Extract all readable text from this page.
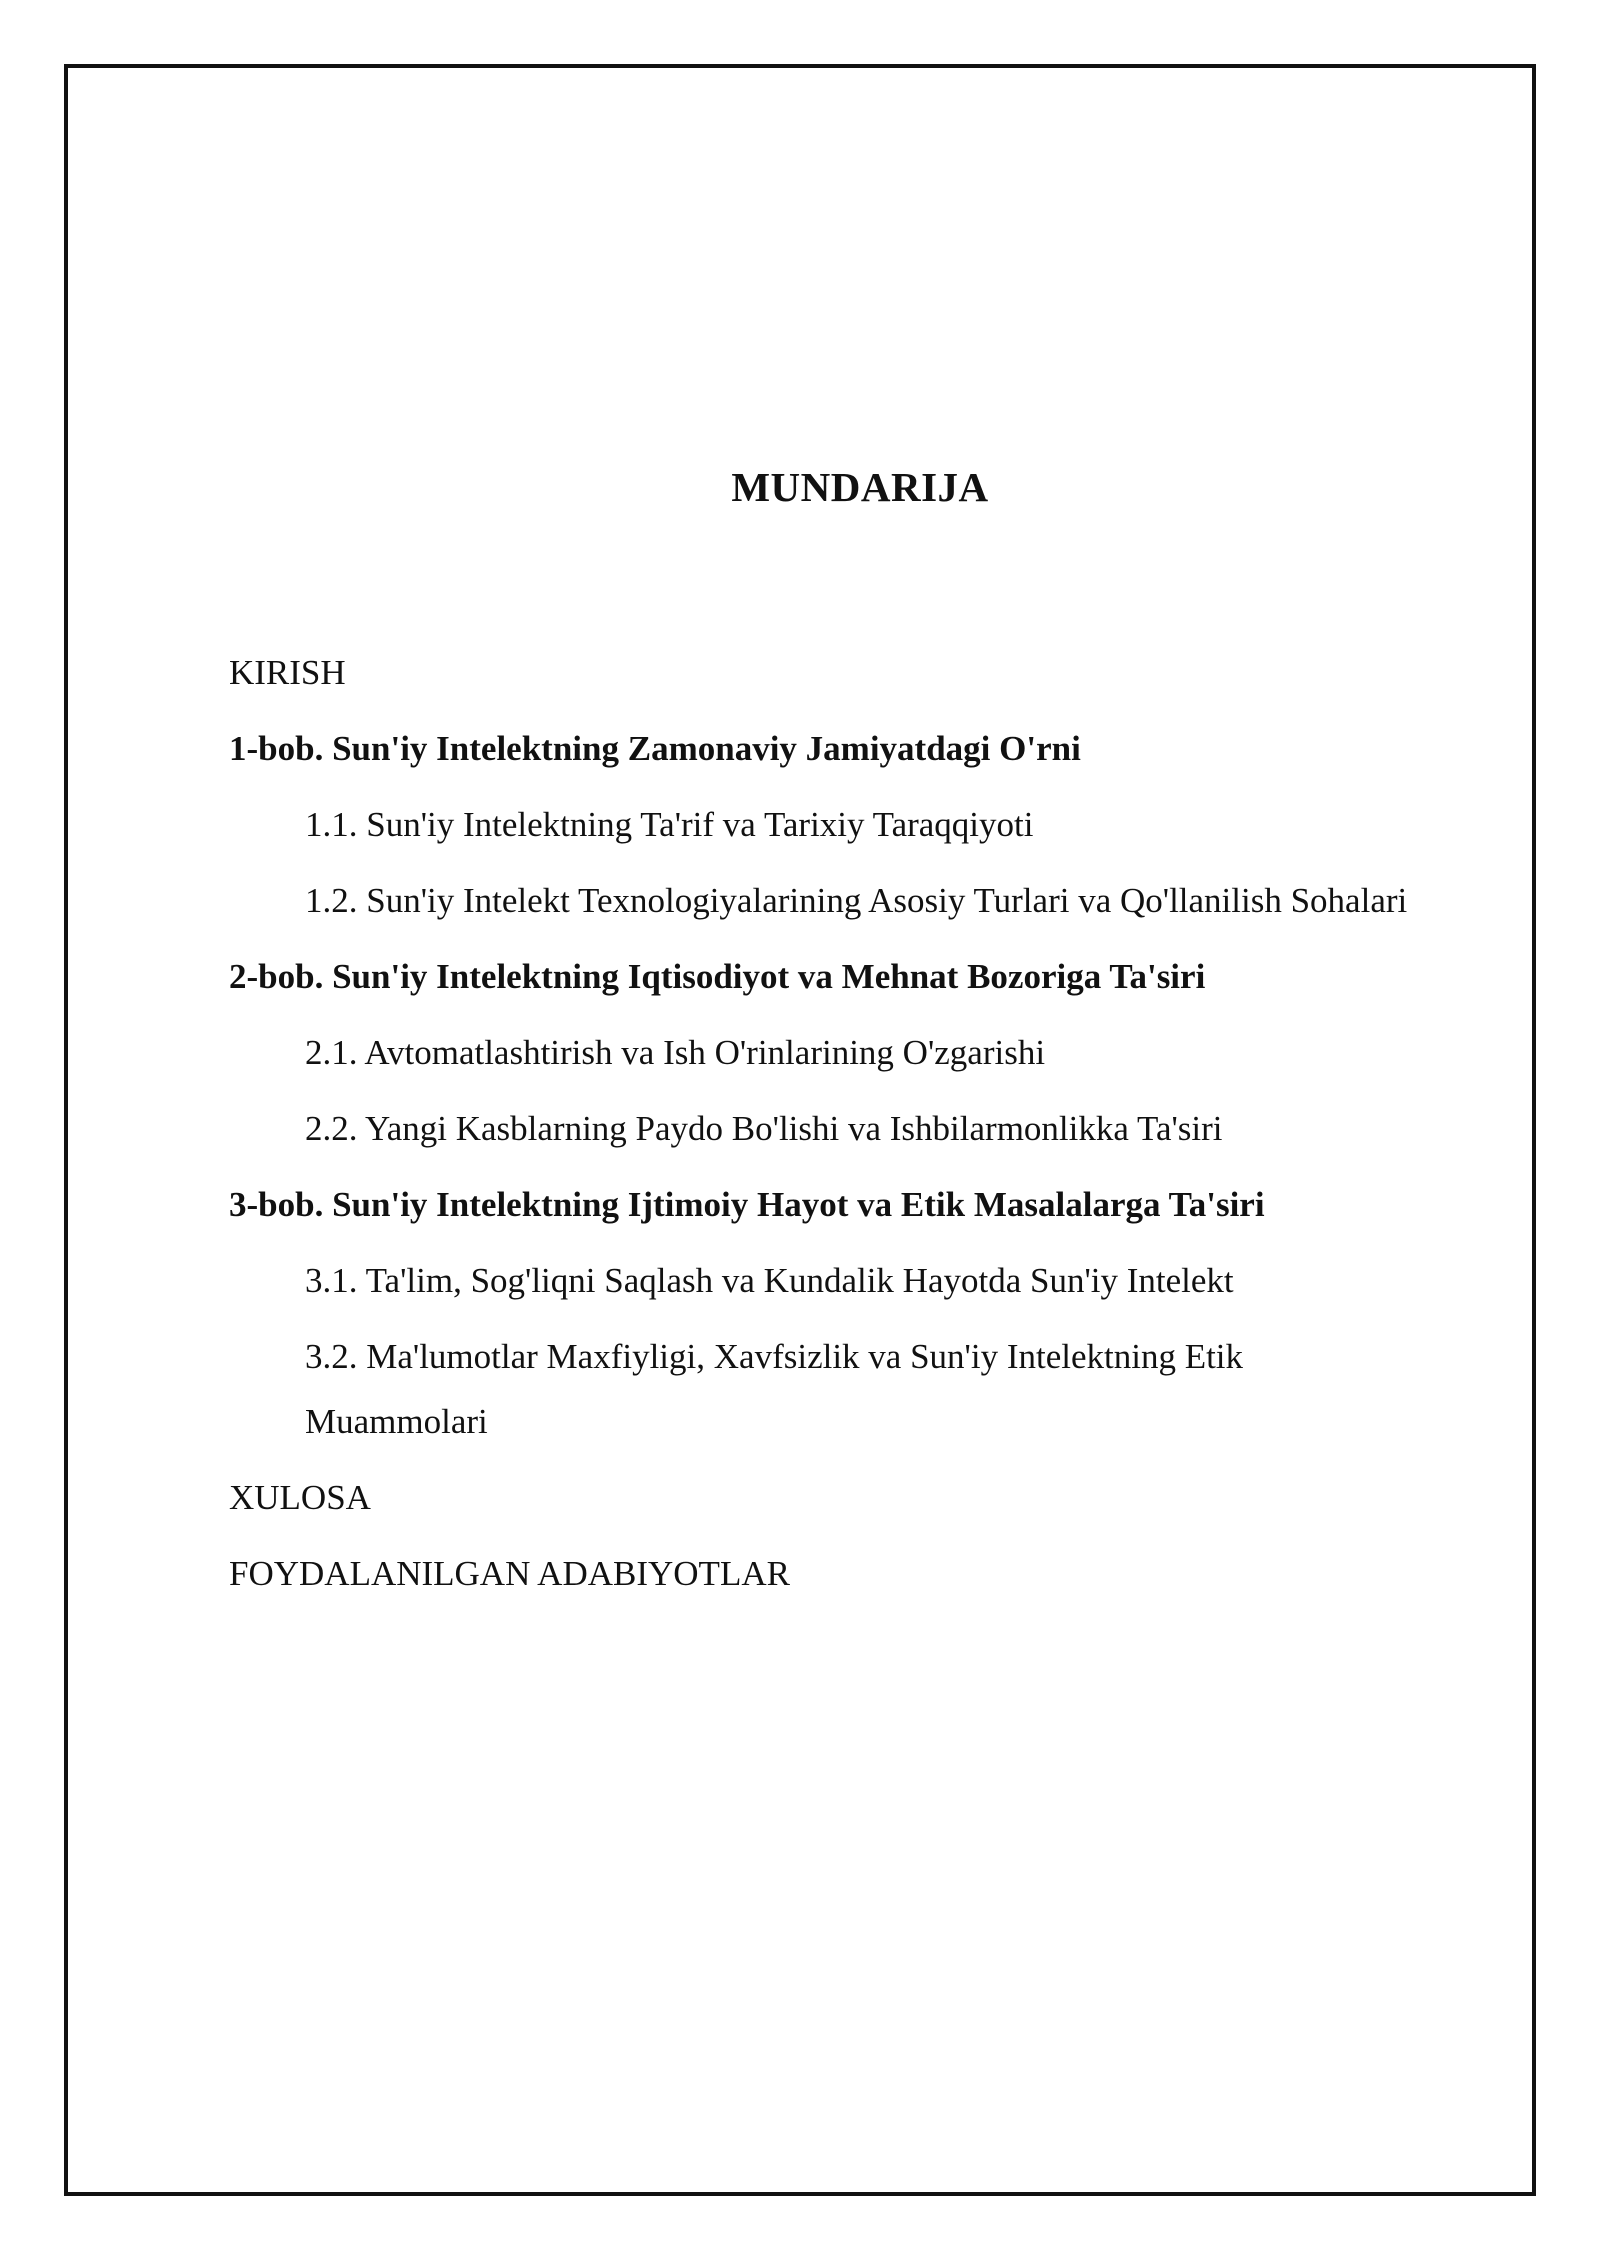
MUNDARIJA
KIRISH
1-bob. Sun'iy Intelektning Zamonaviy Jamiyatdagi O'rni
1.1. Sun'iy Intelektning Ta'rif va Tarixiy Taraqqiyoti
1.2. Sun'iy Intelekt Texnologiyalarining Asosiy Turlari va Qo'llanilish Sohalari
2-bob. Sun'iy Intelektning Iqtisodiyot va Mehnat Bozoriga Ta'siri
2.1. Avtomatlashtirish va Ish O'rinlarining O'zgarishi
2.2. Yangi Kasblarning Paydo Bo'lishi va Ishbilarmonlikka Ta'siri
3-bob. Sun'iy Intelektning Ijtimoiy Hayot va Etik Masalalarga Ta'siri
3.1. Ta'lim, Sog'liqni Saqlash va Kundalik Hayotda Sun'iy Intelekt
3.2. Ma'lumotlar Maxfiyligi, Xavfsizlik va Sun'iy Intelektning Etik Muammolari
XULOSA
FOYDALANILGAN ADABIYOTLAR
